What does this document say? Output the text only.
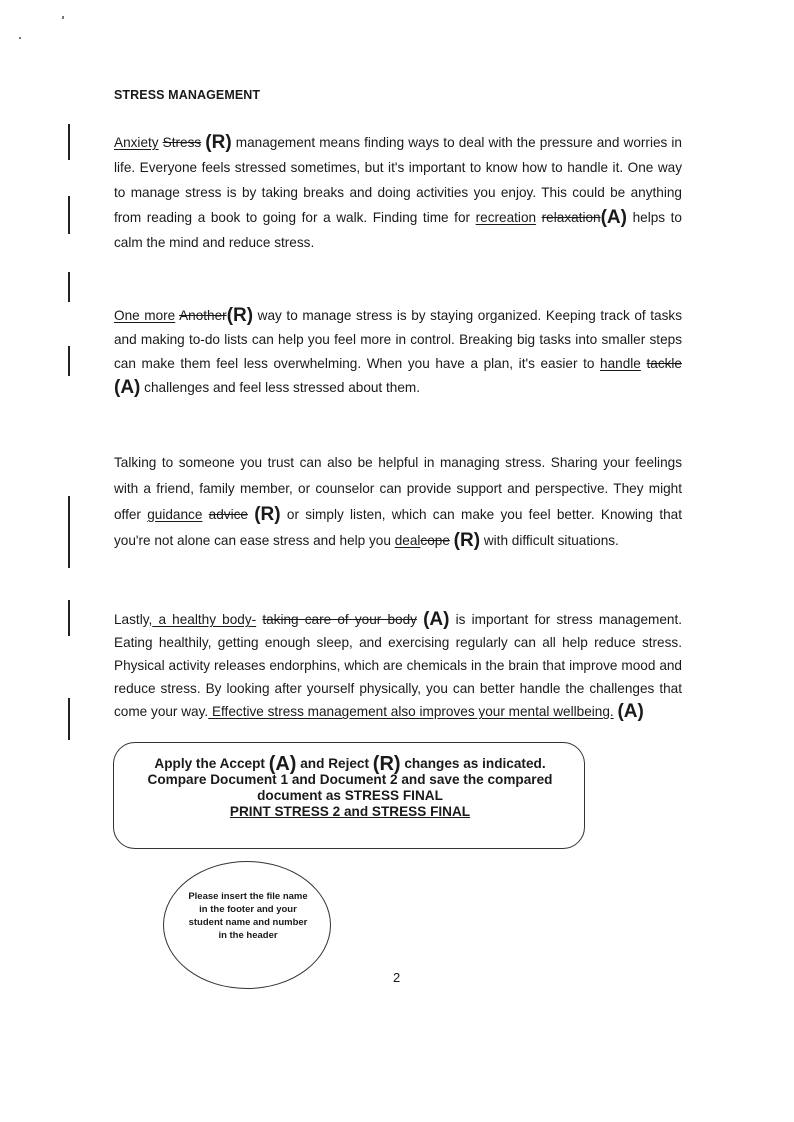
STRESS MANAGEMENT
Anxiety Stress (R) management means finding ways to deal with the pressure and worries in life. Everyone feels stressed sometimes, but it's important to know how to handle it. One way to manage stress is by taking breaks and doing activities you enjoy. This could be anything from reading a book to going for a walk. Finding time for recreation relaxation(A) helps to calm the mind and reduce stress.
One more Another(R) way to manage stress is by staying organized. Keeping track of tasks and making to-do lists can help you feel more in control. Breaking big tasks into smaller steps can make them feel less overwhelming. When you have a plan, it's easier to handle tackle (A) challenges and feel less stressed about them.
Talking to someone you trust can also be helpful in managing stress. Sharing your feelings with a friend, family member, or counselor can provide support and perspective. They might offer guidance advice (R) or simply listen, which can make you feel better. Knowing that you're not alone can ease stress and help you dealcope (R) with difficult situations.
Lastly, a healthy body- taking care of your body (A) is important for stress management. Eating healthily, getting enough sleep, and exercising regularly can all help reduce stress. Physical activity releases endorphins, which are chemicals in the brain that improve mood and reduce stress. By looking after yourself physically, you can better handle the challenges that come your way. Effective stress management also improves your mental wellbeing. (A)
Apply the Accept (A) and Reject (R) changes as indicated.
Compare Document 1 and Document 2 and save the compared document as STRESS FINAL
PRINT STRESS 2 and STRESS FINAL
Please insert the file name in the footer and your student name and number in the header
2
